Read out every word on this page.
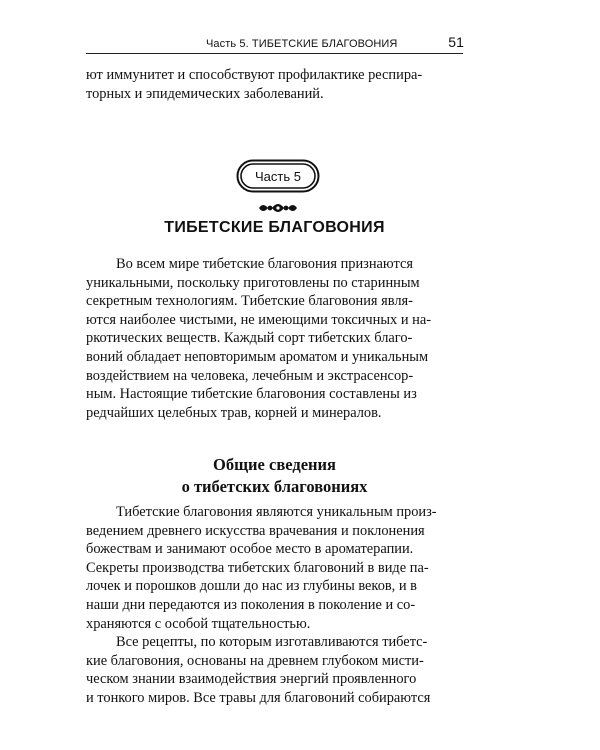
Часть 5. ТИБЕТСКИЕ БЛАГОВОНИЯ	51

ют иммунитет и способствуют профилактике респира-

торных и эпидемических заболеваний.

Часть 5
ТИБЕТСКИЕ БЛАГОВОНИЯ

Во всем мире тибетские благовония признаются

уникальными, поскольку приготовлены по старинным

секретным технологиям. Тибетские благовония явля-

ются наиболее чистыми, не имеющими токсичных и на-

ркотических веществ. Каждый сорт тибетских благо-

воний обладает неповторимым ароматом и уникальным

воздействием на человека, лечебным и экстрасенсор-

ным. Настоящие тибетские благовония составлены из

редчайших целебных трав, корней и минералов.

Общие сведения
о тибетских благовониях

Тибетские благовония являются уникальным произ-

ведением древнего искусства врачевания и поклонения

божествам и занимают особое место в ароматерапии.

Секреты производства тибетских благовоний в виде па-

лочек и порошков дошли до нас из глубины веков, и в

наши дни передаются из поколения в поколение и со-

храняются с особой тщательностью.

Все рецепты, по которым изготавливаются тибетс-

кие благовония, основаны на древнем глубоком мисти-

ческом знании взаимодействия энергий проявленного

и тонкого миров. Все травы для благовоний собираются
